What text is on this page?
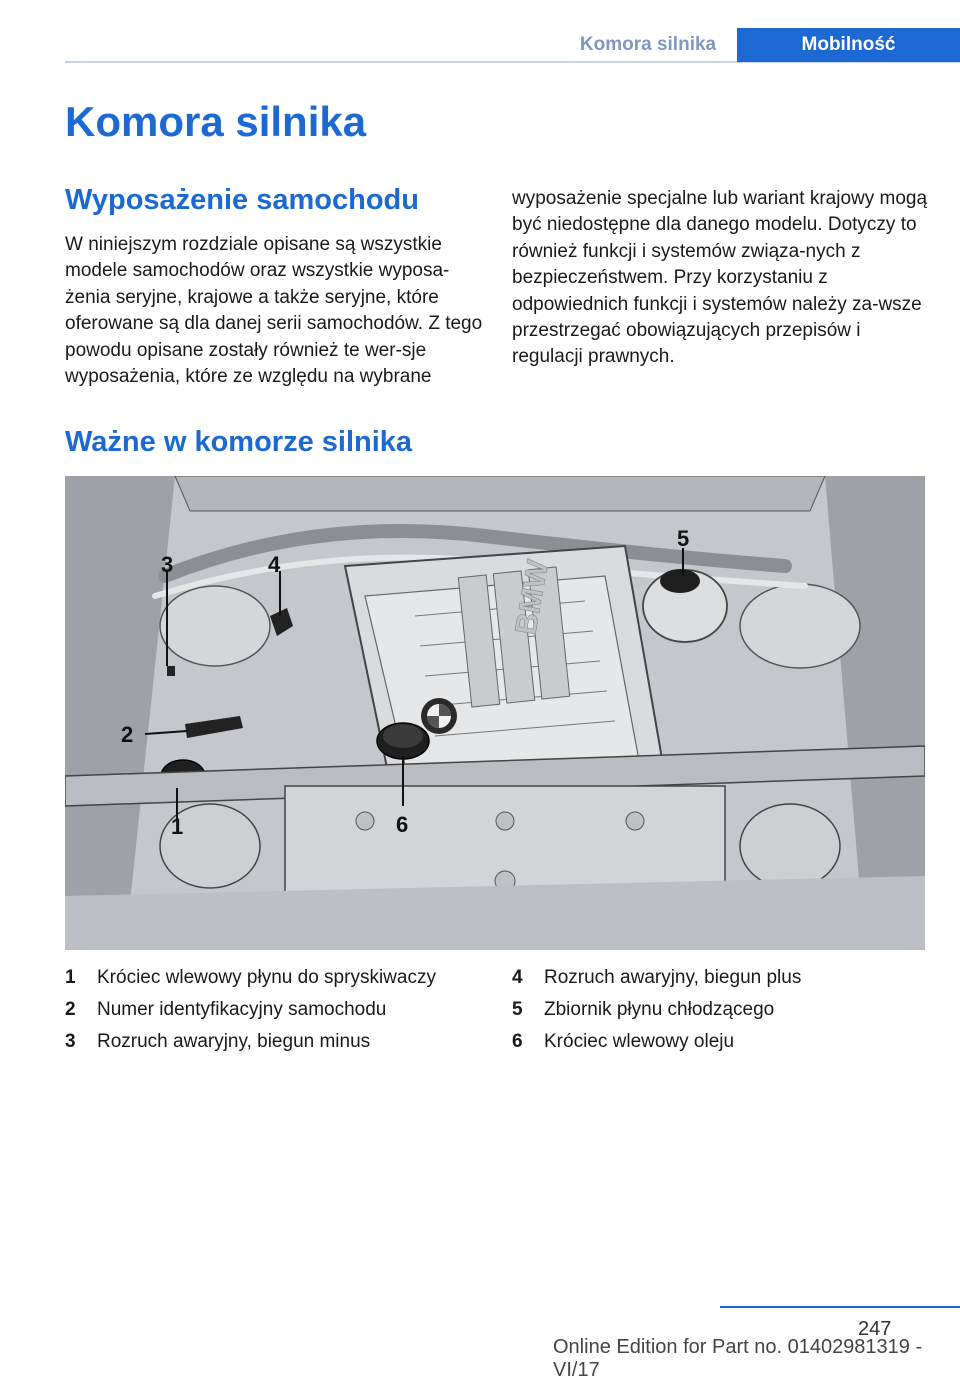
Komora silnika	Mobilność
Komora silnika
Wyposażenie samochodu

W niniejszym rozdziale opisane są wszystkie modele samochodów oraz wszystkie wyposa-żenia seryjne, krajowe a także seryjne, które oferowane są dla danej serii samochodów. Z tego powodu opisane zostały również te wer-sje wyposażenia, które ze względu na wybrane

wyposażenie specjalne lub wariant krajowy mogą być niedostępne dla danego modelu. Dotyczy to również funkcji i systemów związa-nych z bezpieczeństwem. Przy korzystaniu z odpowiednich funkcji i systemów należy za-wsze przestrzegać obowiązujących przepisów i regulacji prawnych.

Ważne w komorze silnika
BMW
1
2
3	4
5
6
1	Króciec wlewowy płynu do spryskiwaczy
2	Numer identyfikacyjny samochodu
3	Rozruch awaryjny, biegun minus
4	Rozruch awaryjny, biegun plus
5	Zbiornik płynu chłodzącego
6	Króciec wlewowy oleju
247
Online Edition for Part no. 01402981319 - VI/17
